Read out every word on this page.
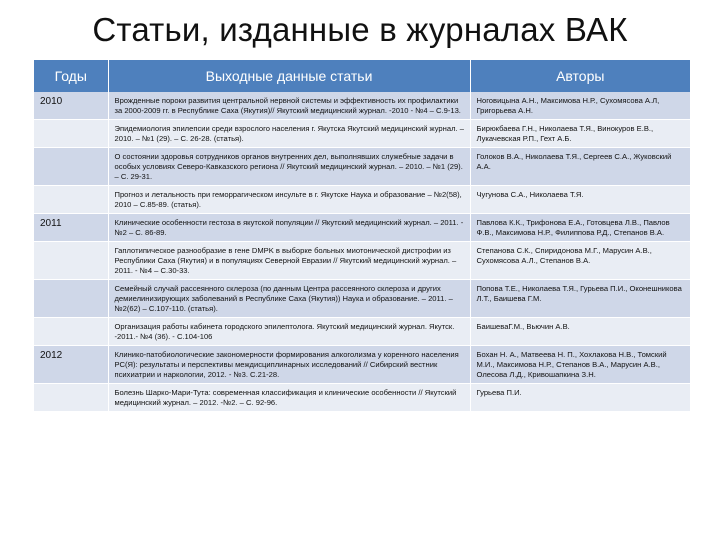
Статьи, изданные в журналах ВАК
Годы	Выходные данные статьи	Авторы
2010	Врожденные пороки развития центральной нервной системы и эффективность их профилактики за 2000-2009 гг. в Республике Саха (Якутия)// Якутский медицинский журнал. -2010 - №4 – С.9-13.	Ноговицына А.Н., Максимова Н.Р., Сухомясова А.Л, Григорьева А.Н.
	Эпидемиология эпилепсии среди взрослого населения г. Якутска Якутский медицинский журнал. – 2010. – №1 (29). – С. 26-28. (статья).	Бирюкбаева Г.Н., Николаева Т.Я., Винокуров Е.В., Лукачевская Р.П., Гехт А.Б.
	О состоянии здоровья сотрудников органов внутренних дел, выполнявших служебные задачи в особых условиях Северо-Кавказского региона // Якутский медицинский журнал. – 2010. – №1 (29). – С. 29-31.	Голоков В.А., Николаева Т.Я., Сергеев С.А., Жуковский А.А.
	Прогноз и летальность при геморрагическом инсульте в г. Якутске Наука и образование – №2(58), 2010 – С.85-89. (статья).	Чугунова С.А., Николаева Т.Я.
2011	Клинические особенности гестоза в якутской популяции // Якутский медицинский журнал. – 2011. - №2 – С. 86-89.	Павлова К.К., Трифонова Е.А., Готовцева Л.В., Павлов Ф.В., Максимова Н.Р., Филиппова Р.Д., Степанов В.А.
	Гаплотипическое разнообразие в гене DMPK в выборке больных миотонической дистрофии из Республики Саха (Якутия) и в популяциях Северной Евразии // Якутский медицинский журнал. – 2011. - №4 – С.30-33.	Степанова С.К., Спиридонова М.Г., Марусин А.В., Сухомясова А.Л., Степанов В.А.
	Семейный случай рассеянного склероза (по данным Центра рассеянного склероза и других демиелинизирующих заболеваний в Республике Саха (Якутия)) Наука и образование. – 2011. – №2(62) – С.107-110. (статья).	Попова Т.Е., Николаева Т.Я., Гурьева П.И., Оконешникова Л.Т., Баишева Г.М.
	Организация работы кабинета городского эпилептолога. Якутский медицинский журнал. Якутск. -2011.- №4 (36). - С.104-106	БаишеваГ.М., Вьючин А.В.
2012	Клинико-патобиологические закономерности формирования алкоголизма у коренного населения РС(Я): результаты и перспективы междисциплинарных исследований // Сибирский вестник психиатрии и наркологии, 2012. - №3. С.21-28.	Бохан Н. А., Матвеева Н. П., Хохлакова Н.В., Томский М.И., Максимова Н.Р., Степанов В.А., Марусин А.В., Олесова Л.Д., Кривошапкина З.Н.
	Болезнь Шарко-Мари-Тута: современная классификация и клинические особенности // Якутский медицинский журнал. – 2012. -№2. – С. 92-96.	Гурьева П.И.
